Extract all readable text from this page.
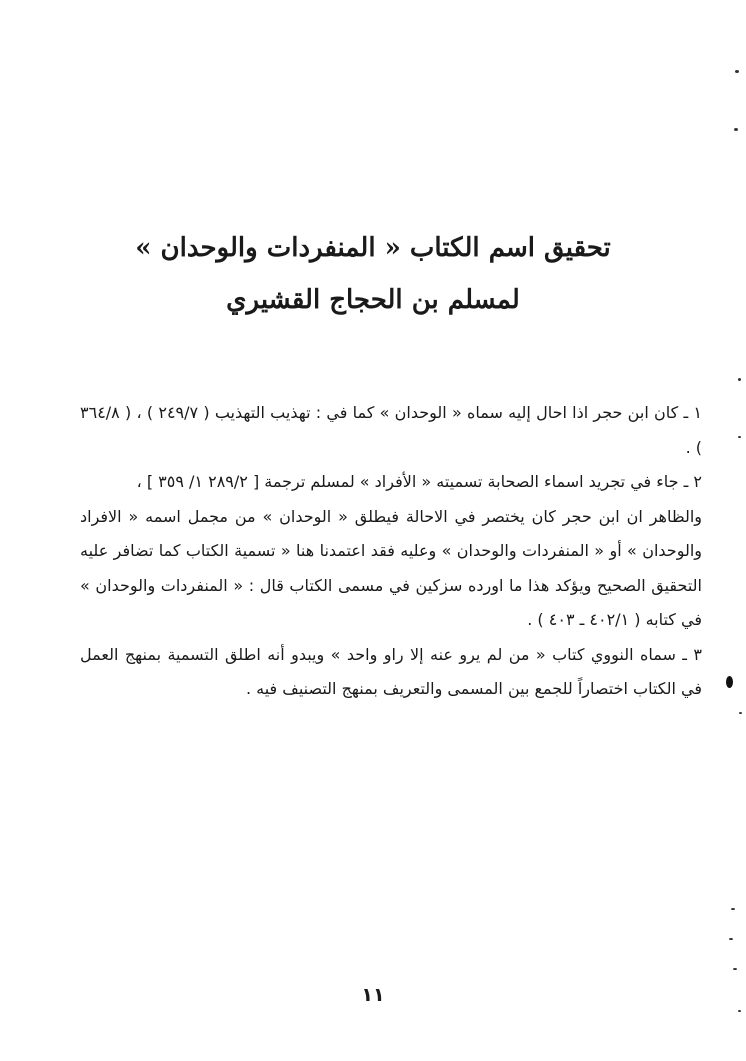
تحقيق اسم الكتاب « المنفردات والوحدان »
لمسلم بن الحجاج القشيري

١ ـ كان ابن حجر اذا احال إليه سماه « الوحدان » كما في : تهذيب التهذيب ( ٢٤٩/٧ ) ، ( ٣٦٤/٨ ) .

٢ ـ جاء في تجريد اسماء الصحابة تسميته « الأفراد » لمسلم ترجمة [ ٢٨٩/٢ ١/ ٣٥٩ ] ،

والظاهر ان ابن حجر كان يختصر في الاحالة فيطلق « الوحدان » من مجمل اسمه « الافراد والوحدان » أو « المنفردات والوحدان » وعليه فقد اعتمدنا هنا « تسمية الكتاب كما تضافر عليه التحقيق الصحيح ويؤكد هذا ما اورده سزكين في مسمى الكتاب قال : « المنفردات والوحدان » في كتابه ( ٤٠٢/١ ـ ٤٠٣ ) .

٣ ـ سماه النووي كتاب « من لم يرو عنه إلا راو واحد » ويبدو أنه اطلق التسمية بمنهج العمل في الكتاب اختصاراً للجمع بين المسمى والتعريف بمنهج التصنيف فيه .

١١
